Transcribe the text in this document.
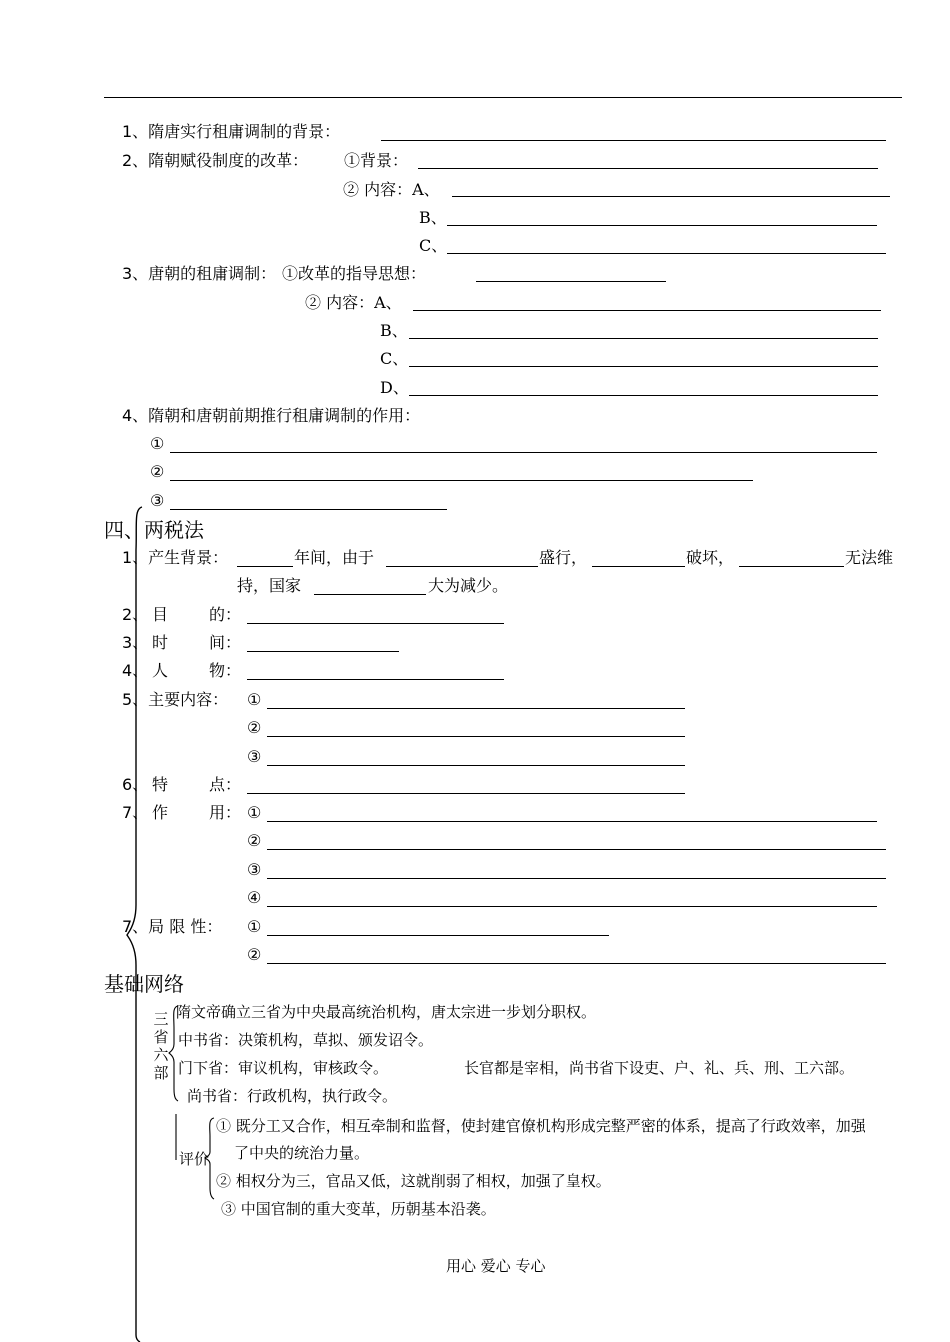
1、隋唐实行租庸调制的背景：
2、隋朝赋役制度的改革： ①背景：
② 内容：A、
B、
C、
3、唐朝的租庸调制： ①改革的指导思想：
② 内容：A、
B、
C、
D、
4、隋朝和唐朝前期推行租庸调制的作用：
①
②
③
四、两税法
1、产生背景：	年间，由于	盛行，	破坏，	无法维
持，国家	大为减少。
2、 目	的：
3、 时	间：
4、 人	物：
5、主要内容： ①
②
③
6、 特	点：
7、 作	用： ①
②
③
④
7、局 限 性： ①
②
基础网络
三
省
六
部
隋文帝确立三省为中央最高统治机构，唐太宗进一步划分职权。
中书省：决策机构，草拟、颁发诏令。
门下省：审议机构，审核政令。	长官都是宰相，尚书省下设吏、户、礼、兵、刑、工六部。
尚书省：行政机构，执行政令。
评价
① 既分工又合作，相互牵制和监督，使封建官僚机构形成完整严密的体系，提高了行政效率，加强
了中央的统治力量。
② 相权分为三，官品又低，这就削弱了相权，加强了皇权。
③ 中国官制的重大变革，历朝基本沿袭。
用心 爱心 专心
